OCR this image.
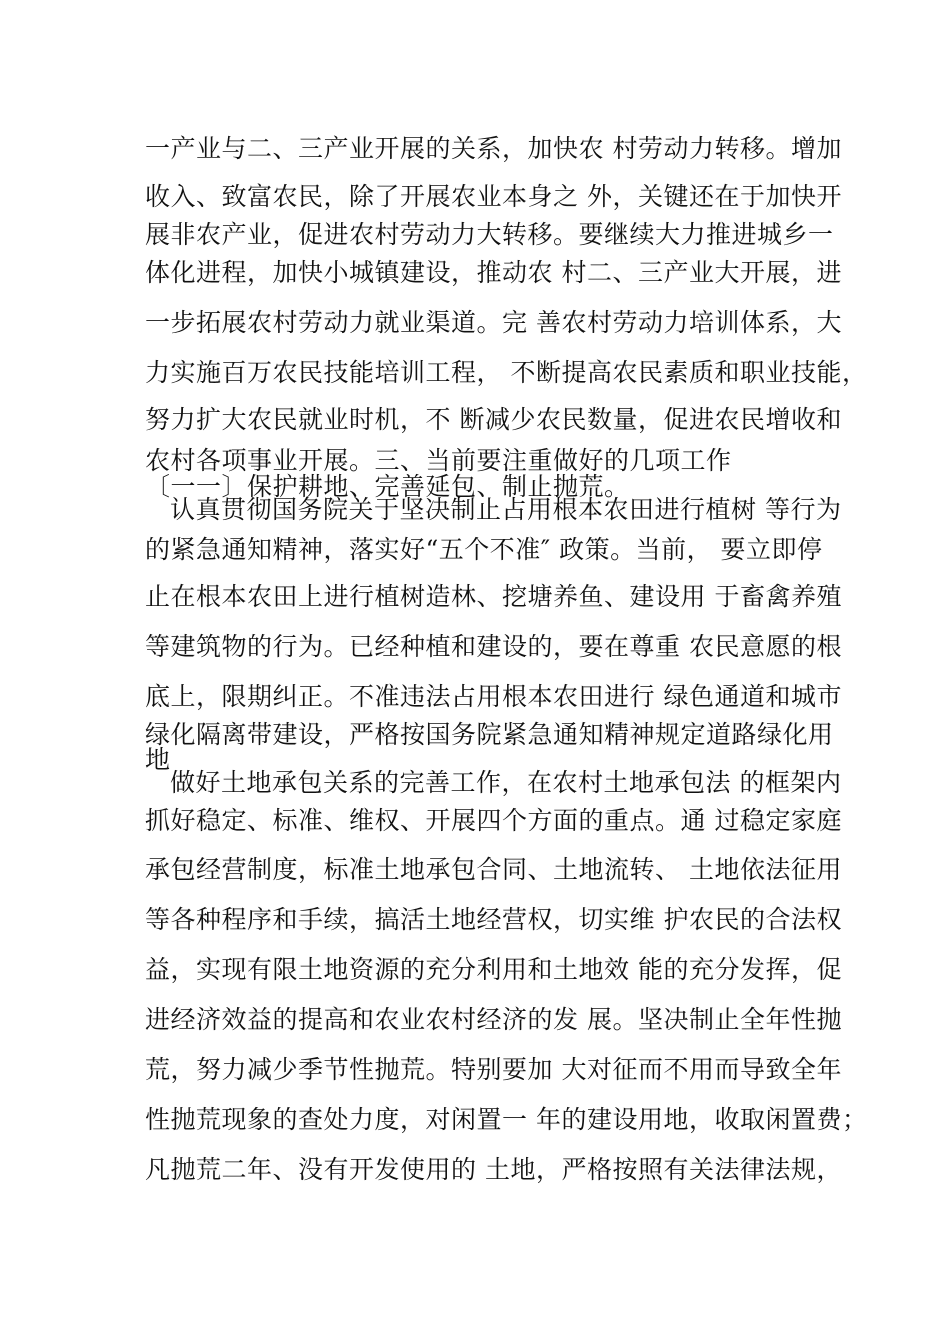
一产业与二、三产业开展的关系，加快农 村劳动力转移。增加
收入、致富农民，除了开展农业本身之 外，关键还在于加快开
展非农产业，促进农村劳动力大转移。要继续大力推进城乡一
体化进程，加快小城镇建设，推动农 村二、三产业大开展，进
一步拓展农村劳动力就业渠道。完 善农村劳动力培训体系，大
力实施百万农民技能培训工程， 不断提高农民素质和职业技能，
努力扩大农民就业时机，不 断减少农民数量，促进农民增收和
农村各项事业开展。三、当前要注重做好的几项工作
〔一一〕保护耕地、完善延包、制止抛荒。
认真贯彻国务院关于坚决制止占用根本农田进行植树 等行为
的紧急通知精神，落实好“五个不准″ 政策。当前， 要立即停
止在根本农田上进行植树造林、挖塘养鱼、建设用 于畜禽养殖
等建筑物的行为。已经种植和建设的，要在尊重 农民意愿的根
底上，限期纠正。不准违法占用根本农田进行 绿色通道和城市
绿化隔离带建设，严格按国务院紧急通知精神规定道路绿化用
地
做好土地承包关系的完善工作，在农村土地承包法 的框架内
抓好稳定、标准、维权、开展四个方面的重点。通 过稳定家庭
承包经营制度，标准土地承包合同、土地流转、 土地依法征用
等各种程序和手续，搞活土地经营权，切实维 护农民的合法权
益，实现有限土地资源的充分利用和土地效 能的充分发挥，促
进经济效益的提高和农业农村经济的发 展。坚决制止全年性抛
荒，努力减少季节性抛荒。特别要加 大对征而不用而导致全年
性抛荒现象的查处力度，对闲置一 年的建设用地，收取闲置费；
凡抛荒二年、没有开发使用的 土地，严格按照有关法律法规，
